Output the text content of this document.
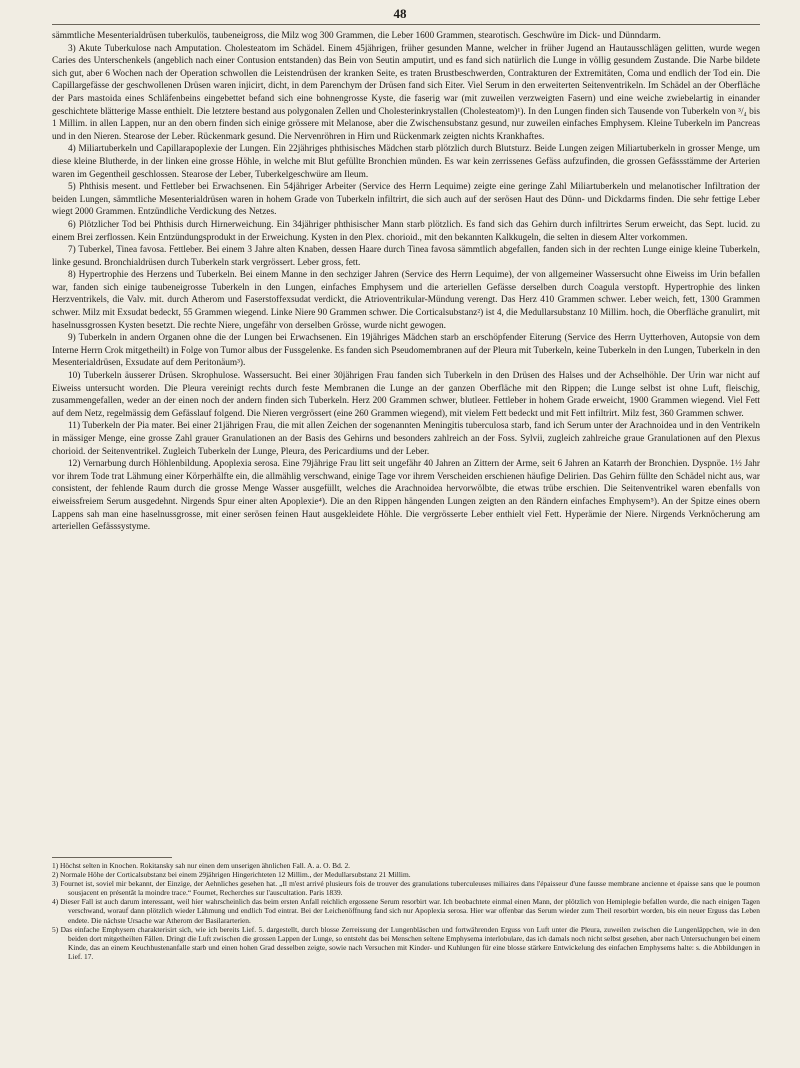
48

sämmtliche Mesenterialdrüsen tuberkulös, taubeneigross, die Milz wog 300 Grammen, die Leber 1600 Grammen, stearotisch. Geschwüre im Dick- und Dünndarm.

3) Akute Tuberkulose nach Amputation. Cholesteatom im Schädel. Einem 45jährigen, früher gesunden Manne, welcher in früher Jugend an Hautausschlägen gelitten, wurde wegen Caries des Unterschenkels (angeblich nach einer Contusion entstanden) das Bein von Seutin amputirt, und es fand sich natürlich die Lunge in völlig gesundem Zustande. Die Narbe bildete sich gut, aber 6 Wochen nach der Operation schwollen die Leistendrüsen der kranken Seite, es traten Brustbeschwerden, Contrakturen der Extremitäten, Coma und endlich der Tod ein. Die Capillargefässe der geschwollenen Drüsen waren injicirt, dicht, in dem Parenchym der Drüsen fand sich Eiter. Viel Serum in den erweiterten Seitenventrikeln. Im Schädel an der Oberfläche der Pars mastoida eines Schläfenbeins eingebettet befand sich eine bohnengrosse Kyste, die faserig war (mit zuweilen verzweigten Fasern) und eine weiche zwiebelartig in einander geschichtete blätterige Masse enthielt. Die letztere bestand aus polygonalen Zellen und Cholesterinkrystallen (Cholesteatom)¹). In den Lungen finden sich Tausende von Tuberkeln von ³/₄ bis 1 Millim. in allen Lappen, nur an den obern finden sich einige grössere mit Melanose, aber die Zwischensubstanz gesund, nur zuweilen einfaches Emphysem. Kleine Tuberkeln im Pancreas und in den Nieren. Stearose der Leber. Rückenmark gesund. Die Nervenröhren in Hirn und Rückenmark zeigten nichts Krankhaftes.

4) Miliartuberkeln und Capillarapoplexie der Lungen. Ein 22jähriges phthisisches Mädchen starb plötzlich durch Blutsturz. Beide Lungen zeigen Miliartuberkeln in grosser Menge, um diese kleine Blutherde, in der linken eine grosse Höhle, in welche mit Blut gefüllte Bronchien münden. Es war kein zerrissenes Gefäss aufzufinden, die grossen Gefässstämme der Arterien waren im Gegentheil geschlossen. Stearose der Leber, Tuberkelgeschwüre am Ileum.

5) Phthisis mesent. und Fettleber bei Erwachsenen. Ein 54jähriger Arbeiter (Service des Herrn Lequime) zeigte eine geringe Zahl Miliartuberkeln und melanotischer Infiltration der beiden Lungen, sämmtliche Mesenterialdrüsen waren in hohem Grade von Tuberkeln infiltrirt, die sich auch auf der serösen Haut des Dünn- und Dickdarms finden. Die sehr fettige Leber wiegt 2000 Grammen. Entzündliche Verdickung des Netzes.

6) Plötzlicher Tod bei Phthisis durch Hirnerweichung. Ein 34jähriger phthisischer Mann starb plötzlich. Es fand sich das Gehirn durch infiltrirtes Serum erweicht, das Sept. lucid. zu einem Brei zerflossen. Kein Entzündungsprodukt in der Erweichung. Kysten in den Plex. chorioid., mit den bekannten Kalkkugeln, die selten in diesem Alter vorkommen.

7) Tuberkel, Tinea favosa. Fettleber. Bei einem 3 Jahre alten Knaben, dessen Haare durch Tinea favosa sämmtlich abgefallen, fanden sich in der rechten Lunge einige kleine Tuberkeln, linke gesund. Bronchialdrüsen durch Tuberkeln stark vergrössert. Leber gross, fett.

8) Hypertrophie des Herzens und Tuberkeln. Bei einem Manne in den sechziger Jahren (Service des Herrn Lequime), der von allgemeiner Wassersucht ohne Eiweiss im Urin befallen war, fanden sich einige taubeneigrosse Tuberkeln in den Lungen, einfaches Emphysem und die arteriellen Gefässe derselben durch Coagula verstopft. Hypertrophie des linken Herzventrikels, die Valv. mit. durch Atherom und Faserstoffexsudat verdickt, die Atrioventrikular-Mündung verengt. Das Herz 410 Grammen schwer. Leber weich, fett, 1300 Grammen schwer. Milz mit Exsudat bedeckt, 55 Grammen wiegend. Linke Niere 90 Grammen schwer. Die Corticalsubstanz²) ist 4, die Medullarsubstanz 10 Millim. hoch, die Oberfläche granulirt, mit haselnussgrossen Kysten besetzt. Die rechte Niere, ungefähr von derselben Grösse, wurde nicht gewogen.

9) Tuberkeln in andern Organen ohne die der Lungen bei Erwachsenen. Ein 19jähriges Mädchen starb an erschöpfender Eiterung (Service des Herrn Uytterhoven, Autopsie von dem Interne Herrn Crok mitgetheilt) in Folge von Tumor albus der Fussgelenke. Es fanden sich Pseudomembranen auf der Pleura mit Tuberkeln, keine Tuberkeln in den Lungen, Tuberkeln in den Mesenterialdrüsen, Exsudate auf dem Peritonäum³).

10) Tuberkeln äusserer Drüsen. Skrophulose. Wassersucht. Bei einer 30jährigen Frau fanden sich Tuberkeln in den Drüsen des Halses und der Achselhöhle. Der Urin war nicht auf Eiweiss untersucht worden. Die Pleura vereinigt rechts durch feste Membranen die Lunge an der ganzen Oberfläche mit den Rippen; die Lunge selbst ist ohne Luft, fleischig, zusammengefallen, weder an der einen noch der andern finden sich Tuberkeln. Herz 200 Grammen schwer, blutleer. Fettleber in hohem Grade erweicht, 1900 Grammen wiegend. Viel Fett auf dem Netz, regelmässig dem Gefässlauf folgend. Die Nieren vergrössert (eine 260 Grammen wiegend), mit vielem Fett bedeckt und mit Fett infiltrirt. Milz fest, 360 Grammen schwer.

11) Tuberkeln der Pia mater. Bei einer 21jährigen Frau, die mit allen Zeichen der sogenannten Meningitis tuberculosa starb, fand ich Serum unter der Arachnoidea und in den Ventrikeln in mässiger Menge, eine grosse Zahl grauer Granulationen an der Basis des Gehirns und besonders zahlreich an der Foss. Sylvii, zugleich zahlreiche graue Granulationen auf den Plexus chorioid. der Seitenventrikel. Zugleich Tuberkeln der Lunge, Pleura, des Pericardiums und der Leber.

12) Vernarbung durch Höhlenbildung. Apoplexia serosa. Eine 79jährige Frau litt seit ungefähr 40 Jahren an Zittern der Arme, seit 6 Jahren an Katarrh der Bronchien. Dyspnöe. 1½ Jahr vor ihrem Tode trat Lähmung einer Körperhälfte ein, die allmählig verschwand, einige Tage vor ihrem Verscheiden erschienen häufige Delirien. Das Gehirn füllte den Schädel nicht aus, war consistent, der fehlende Raum durch die grosse Menge Wasser ausgefüllt, welches die Arachnoidea hervorwölbte, die etwas trübe erschien. Die Seitenventrikel waren ebenfalls von eiweissfreiem Serum ausgedehnt. Nirgends Spur einer alten Apoplexie⁴). Die an den Rippen hängenden Lungen zeigten an den Rändern einfaches Emphysem⁵). An der Spitze eines obern Lappens sah man eine haselnussgrosse, mit einer serösen feinen Haut ausgekleidete Höhle. Die vergrösserte Leber enthielt viel Fett. Hyperämie der Niere. Nirgends Verknöcherung am arteriellen Gefässsystyme.

1) Höchst selten in Knochen. Rokitansky sah nur einen dem unserigen ähnlichen Fall. A. a. O. Bd. 2.

2) Normale Höhe der Corticalsubstanz bei einem 29jährigen Hingerichteten 12 Millim., der Medullarsubstanz 21 Millim.

3) Fournet ist, soviel mir bekannt, der Einzige, der Aehnliches gesehen hat. „Il m'est arrivé plusieurs fois de trouver des granulations tuberculeuses miliaires dans l'épaisseur d'une fausse membrane ancienne et épaisse sans que le poumon sousjacent en présentât la moindre trace.“ Fournet, Recherches sur l'auscultation. Paris 1839.

4) Dieser Fall ist auch darum interessant, weil hier wahrscheinlich das beim ersten Anfall reichlich ergossene Serum resorbirt war. Ich beobachtete einmal einen Mann, der plötzlich von Hemiplegie befallen wurde, die nach einigen Tagen verschwand, worauf dann plötzlich wieder Lähmung und endlich Tod eintrat. Bei der Leichenöffnung fand sich nur Apoplexia serosa. Hier war offenbar das Serum wieder zum Theil resorbirt worden, bis ein neuer Erguss das Leben endete. Die nächste Ursache war Atherom der Basilararterien.

5) Das einfache Emphysem charakterisirt sich, wie ich bereits Lief. 5. dargestellt, durch blosse Zerreissung der Lungenbläschen und fortwährenden Erguss von Luft unter die Pleura, zuweilen zwischen die Lungenläppchen, wie in den beiden dort mitgetheilten Fällen. Dringt die Luft zwischen die grossen Lappen der Lunge, so entsteht das bei Menschen seltene Emphysema interlobulare, das ich damals noch nicht selbst gesehen, aber nach Untersuchungen bei einem Kinde, das an einem Keuchhustenanfalle starb und einen hohen Grad desselben zeigte, sowie nach Versuchen mit Kinder- und Kuhlungen für eine blosse stärkere Entwickelung des einfachen Emphysems halte: s. die Abbildungen in Lief. 17.
